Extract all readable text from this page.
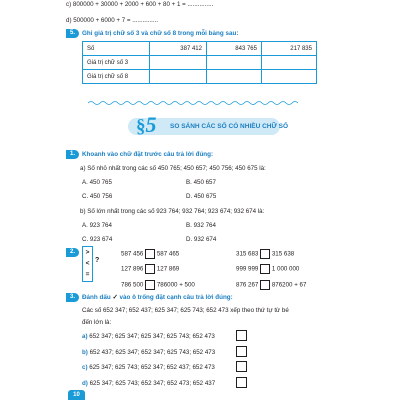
c) 800000 + 30000 + 2000 + 600 + 80 + 1 = ...............
d) 500000 + 6000 + 7 = ...............
5.	Ghi giá trị chữ số 3 và chữ số 8 trong mỗi bảng sau:
Số	387 412	843 765	217 835
Giá trị chữ số 3			
Giá trị chữ số 8			
§5 SO SÁNH CÁC SỐ CÓ NHIỀU CHỮ SỐ
1.	Khoanh vào chữ đặt trước câu trả lời đúng:
a) Số nhỏ nhất trong các số 450 765; 450 657; 450 756; 450 675 là:
A. 450 765	B. 450 657
C. 450 756	D. 450 675
b) Số lớn nhất trong các số 923 764; 932 764; 923 674; 932 674 là:
A. 923 764	B. 932 764
C. 923 674	D. 932 674
2.	>
<
=
?
587 456 587 465
127 896 127 869
786 500 786000 + 500
315 683 315 638
999 999 1 000 000
876 267 876200 + 67
3.	Đánh dấu ✓ vào ô trống đặt cạnh câu trả lời đúng:
Các số 652 347; 652 437; 625 347; 625 743; 652 473 xếp theo thứ tự từ bé
đến lớn là:
a) 652 347; 625 347; 625 347; 625 743; 652 473
b) 652 437; 625 347; 652 347; 625 743; 652 473
c) 625 347; 625 743; 652 347; 652 437; 652 473
d) 625 347; 625 743; 652 347; 652 473; 652 437
10
